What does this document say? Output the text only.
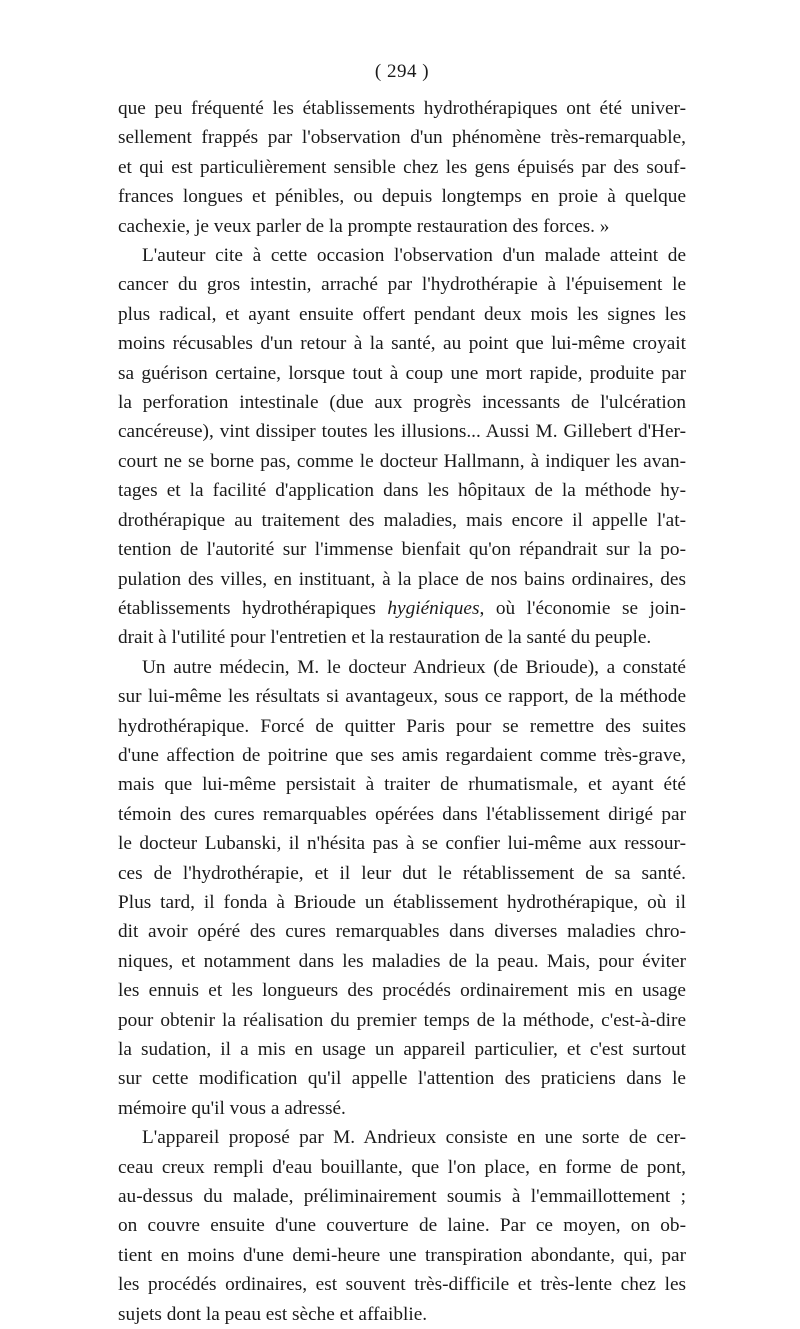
( 294 )
que peu fréquenté les établissements hydrothérapiques ont été univer-
sellement frappés par l'observation d'un phénomène très-remarquable,
et qui est particulièrement sensible chez les gens épuisés par des souf-
frances longues et pénibles, ou depuis longtemps en proie à quelque
cachexie, je veux parler de la prompte restauration des forces. »
L'auteur cite à cette occasion l'observation d'un malade atteint de
cancer du gros intestin, arraché par l'hydrothérapie à l'épuisement le
plus radical, et ayant ensuite offert pendant deux mois les signes les
moins récusables d'un retour à la santé, au point que lui-même croyait
sa guérison certaine, lorsque tout à coup une mort rapide, produite par
la perforation intestinale (due aux progrès incessants de l'ulcération
cancéreuse), vint dissiper toutes les illusions... Aussi M. Gillebert d'Her-
court ne se borne pas, comme le docteur Hallmann, à indiquer les avan-
tages et la facilité d'application dans les hôpitaux de la méthode hy-
drothérapique au traitement des maladies, mais encore il appelle l'at-
tention de l'autorité sur l'immense bienfait qu'on répandrait sur la po-
pulation des villes, en instituant, à la place de nos bains ordinaires, des
établissements hydrothérapiques hygiéniques, où l'économie se join-
drait à l'utilité pour l'entretien et la restauration de la santé du peuple.
Un autre médecin, M. le docteur Andrieux (de Brioude), a constaté
sur lui-même les résultats si avantageux, sous ce rapport, de la méthode
hydrothérapique. Forcé de quitter Paris pour se remettre des suites
d'une affection de poitrine que ses amis regardaient comme très-grave,
mais que lui-même persistait à traiter de rhumatismale, et ayant été
témoin des cures remarquables opérées dans l'établissement dirigé par
le docteur Lubanski, il n'hésita pas à se confier lui-même aux ressour-
ces de l'hydrothérapie, et il leur dut le rétablissement de sa santé.
Plus tard, il fonda à Brioude un établissement hydrothérapique, où il
dit avoir opéré des cures remarquables dans diverses maladies chro-
niques, et notamment dans les maladies de la peau. Mais, pour éviter
les ennuis et les longueurs des procédés ordinairement mis en usage
pour obtenir la réalisation du premier temps de la méthode, c'est-à-dire
la sudation, il a mis en usage un appareil particulier, et c'est surtout
sur cette modification qu'il appelle l'attention des praticiens dans le
mémoire qu'il vous a adressé.
L'appareil proposé par M. Andrieux consiste en une sorte de cer-
ceau creux rempli d'eau bouillante, que l'on place, en forme de pont,
au-dessus du malade, préliminairement soumis à l'emmaillottement ;
on couvre ensuite d'une couverture de laine. Par ce moyen, on ob-
tient en moins d'une demi-heure une transpiration abondante, qui, par
les procédés ordinaires, est souvent très-difficile et très-lente chez les
sujets dont la peau est sèche et affaiblie.
